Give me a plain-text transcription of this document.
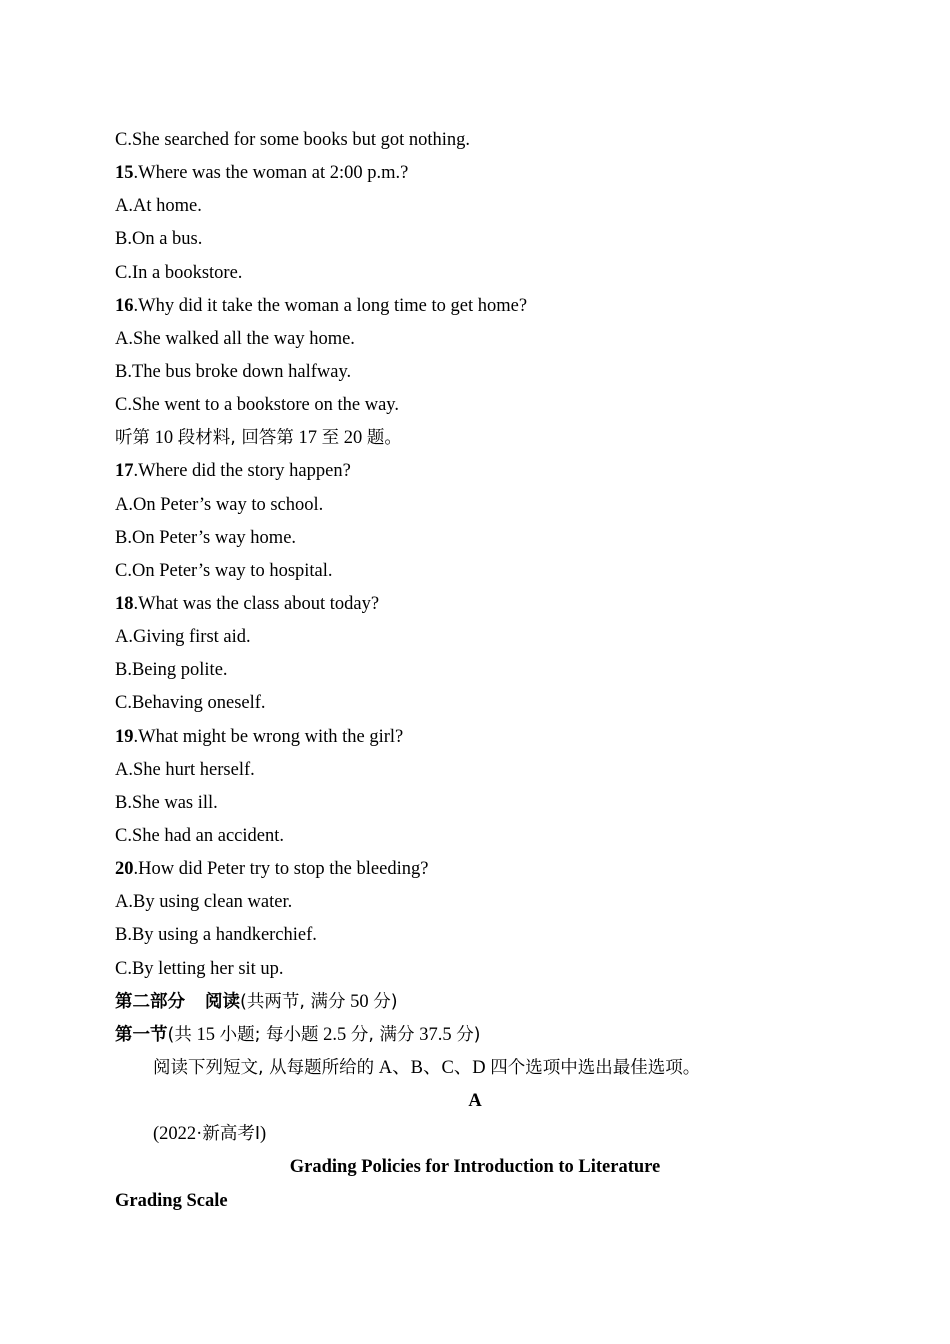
C.She searched for some books but got nothing.
15.Where was the woman at 2:00 p.m.?
A.At home.
B.On a bus.
C.In a bookstore.
16.Why did it take the woman a long time to get home?
A.She walked all the way home.
B.The bus broke down halfway.
C.She went to a bookstore on the way.
听第 10 段材料, 回答第 17 至 20 题。
17.Where did the story happen?
A.On Peter’s way to school.
B.On Peter’s way home.
C.On Peter’s way to hospital.
18.What was the class about today?
A.Giving first aid.
B.Being polite.
C.Behaving oneself.
19.What might be wrong with the girl?
A.She hurt herself.
B.She was ill.
C.She had an accident.
20.How did Peter try to stop the bleeding?
A.By using clean water.
B.By using a handkerchief.
C.By letting her sit up.
第二部分 阅读(共两节, 满分 50 分)
第一节(共 15 小题; 每小题 2.5 分, 满分 37.5 分)
阅读下列短文, 从每题所给的 A、B、C、D 四个选项中选出最佳选项。
A
(2022·新高考Ⅰ)
Grading Policies for Introduction to Literature
Grading Scale
